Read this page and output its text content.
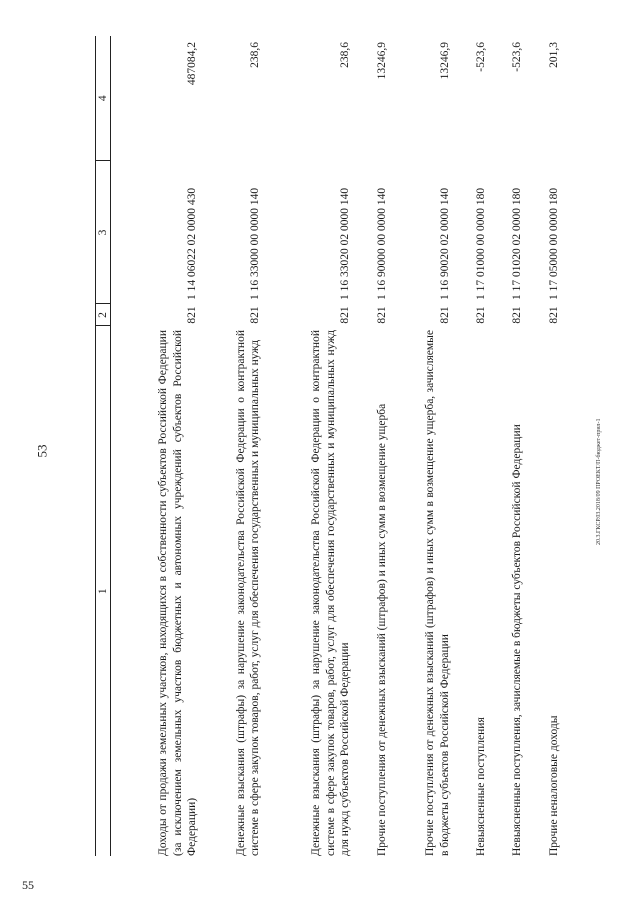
53
1	2	3	4
Доходы от продажи земельных участков, находящихся в собственности субъектов Российской Федерации (за исключением земельных участков бюджетных и автономных учреждений субъектов Российской Федерации)	821	1 14 06022 02 0000 430	487084,2
Денежные взыскания (штрафы) за нарушение законодательства Российской Федерации о контрактной системе в сфере закупок товаров, работ, услуг для обеспечения государственных и муниципальных нужд	821	1 16 33000 00 0000 140	238,6
Денежные взыскания (штрафы) за нарушение законодательства Российской Федерации о контрактной системе в сфере закупок товаров, работ, услуг для обеспечения государственных и муниципальных нужд для нужд субъектов Российской Федерации	821	1 16 33020 02 0000 140	238,6
Прочие поступления от денежных взысканий (штрафов) и иных сумм в возмещение ущерба	821	1 16 90000 00 0000 140	13246,9
Прочие поступления от денежных взысканий (штрафов) и иных сумм в возмещение ущерба, зачисляемые в бюджеты субъектов Российской Федерации	821	1 16 90020 02 0000 140	13246,9
Невыясненные поступления	821	1 17 01000 00 0000 180	-523,6
Невыясненные поступления, зачисляемые в бюджеты субъектов Российской Федерации	821	1 17 01020 02 0000 180	-523,6
Прочие неналоговые доходы	821	1 17 05000 00 0000 180	201,3
20.3.ГКСР.03.2018/09 ПРОЕКТ/П-бюджет-прил-1
55
